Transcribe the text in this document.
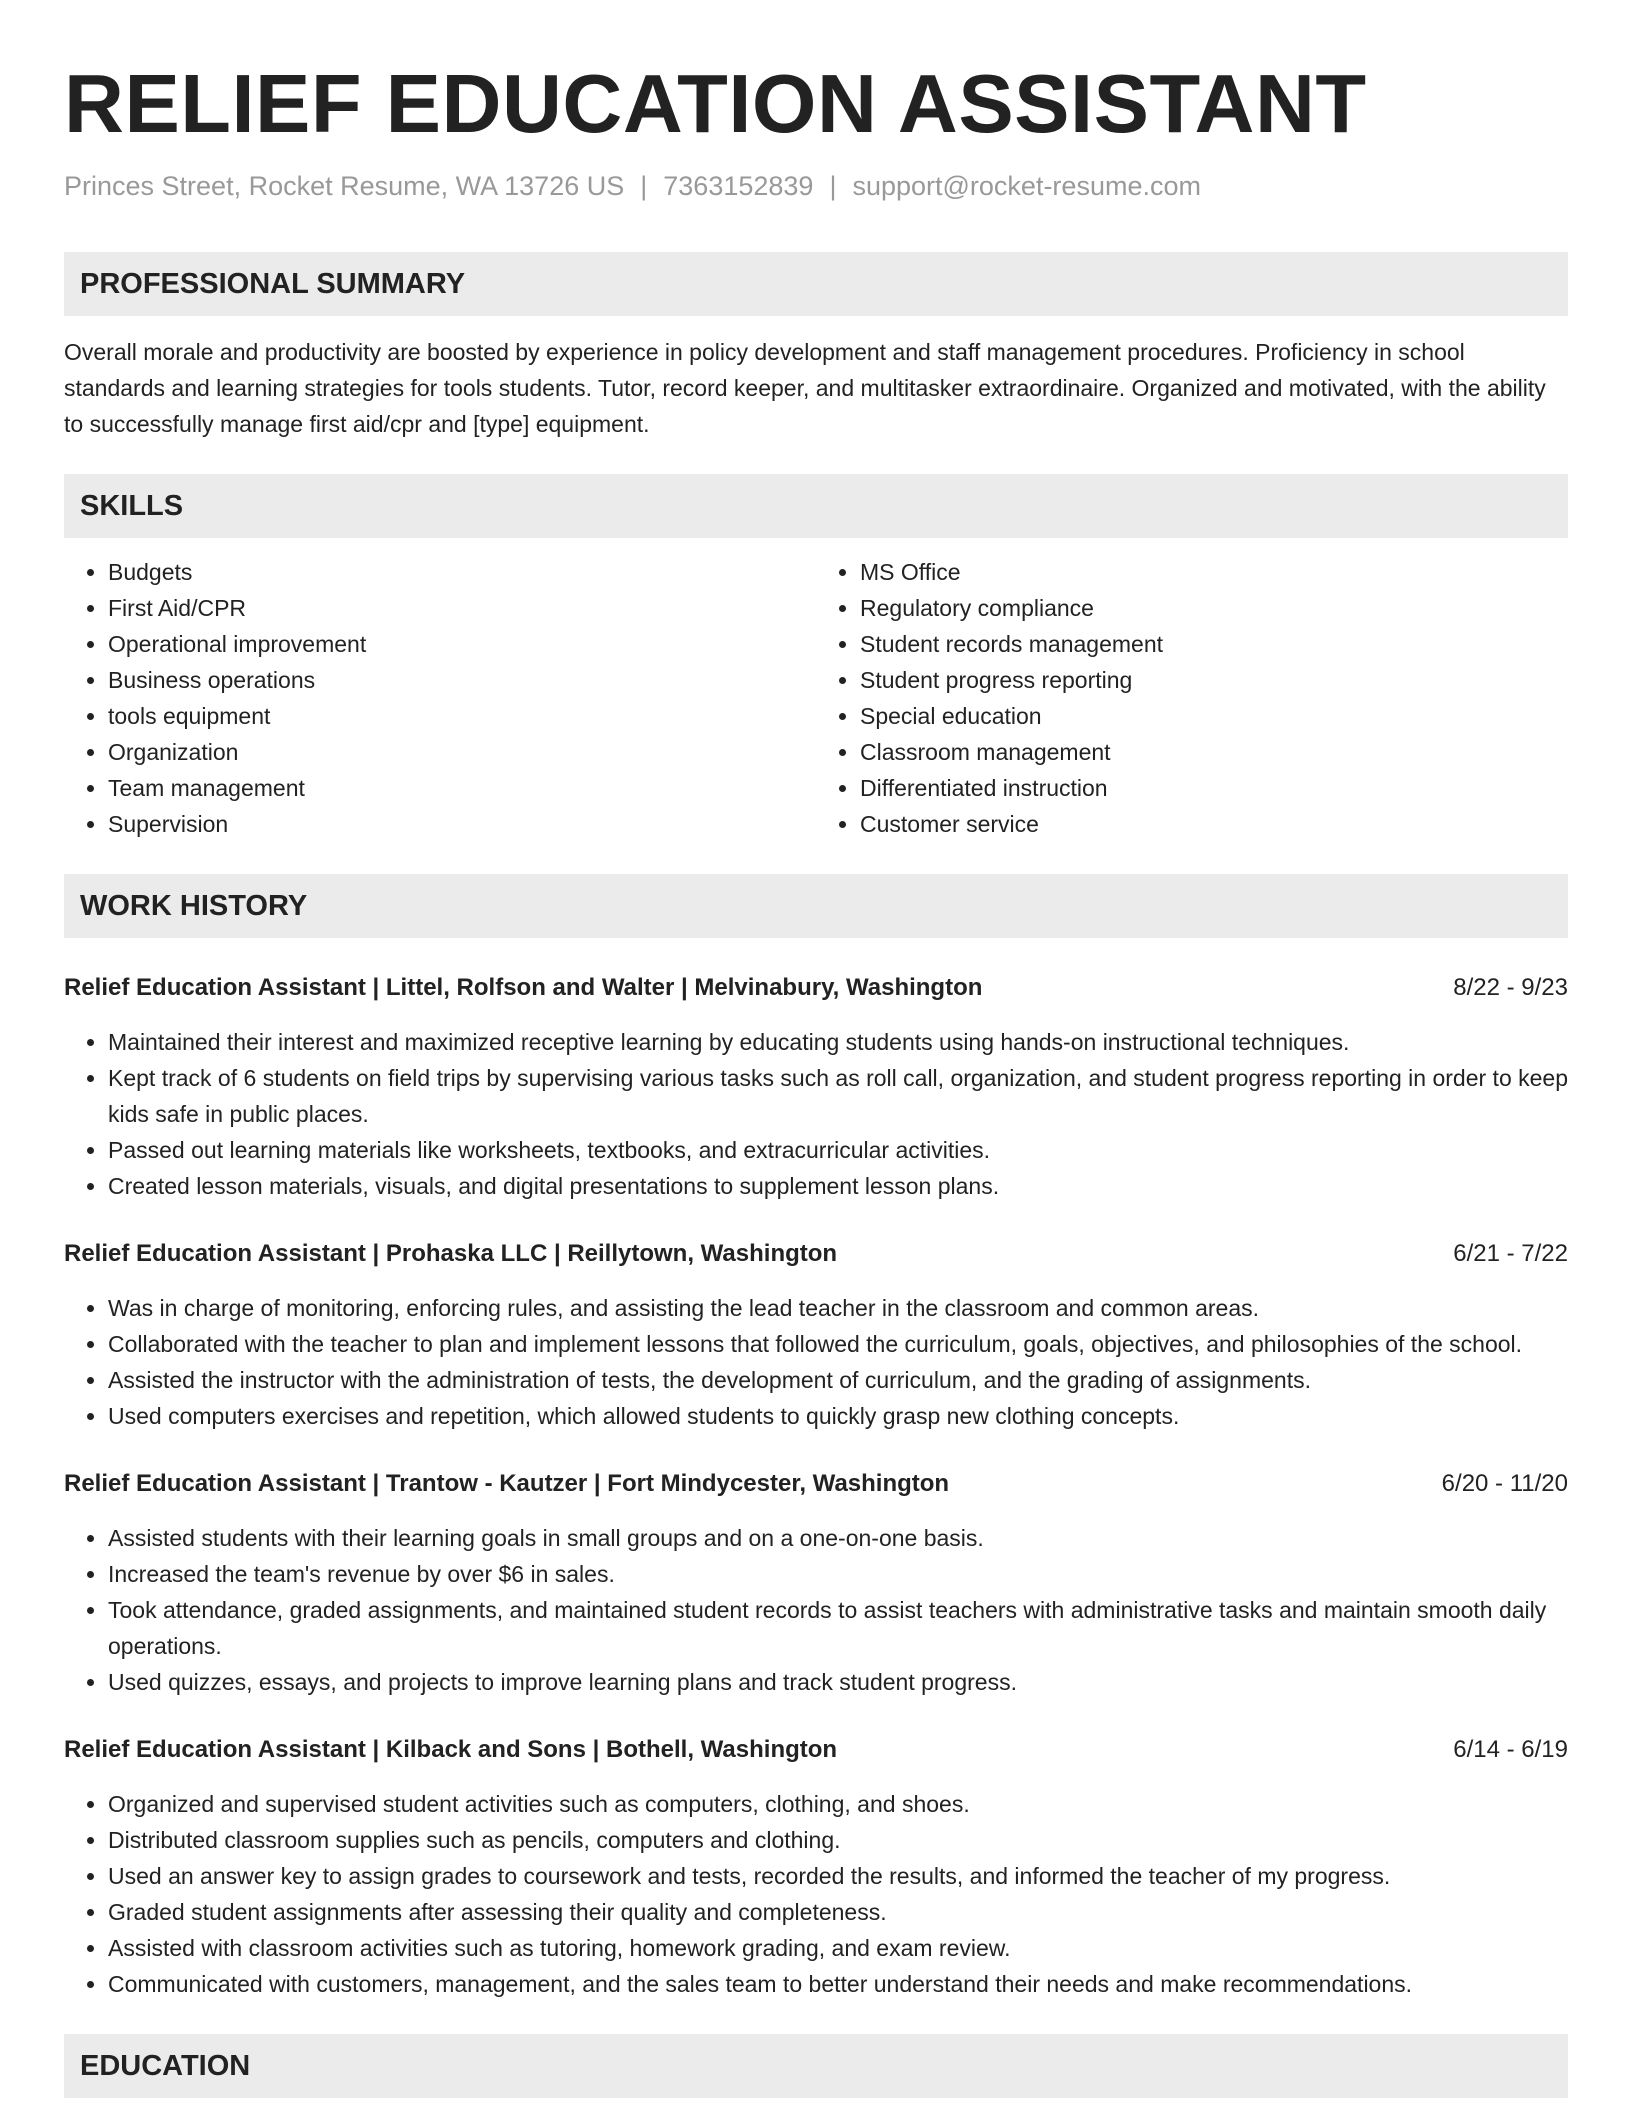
RELIEF EDUCATION ASSISTANT
Princes Street, Rocket Resume, WA 13726 US | 7363152839 | support@rocket-resume.com
PROFESSIONAL SUMMARY

Overall morale and productivity are boosted by experience in policy development and staff management procedures. Proficiency in school standards and learning strategies for tools students. Tutor, record keeper, and multitasker extraordinaire. Organized and motivated, with the ability to successfully manage first aid/cpr and [type] equipment.

SKILLS
• Budgets
• First Aid/CPR
• Operational improvement
• Business operations
• tools equipment
• Organization
• Team management
• Supervision
• MS Office
• Regulatory compliance
• Student records management
• Student progress reporting
• Special education
• Classroom management
• Differentiated instruction
• Customer service
WORK HISTORY
Relief Education Assistant | Littel, Rolfson and Walter | Melvinabury, Washington	8/22 - 9/23
• Maintained their interest and maximized receptive learning by educating students using hands-on instructional techniques.
• Kept track of 6 students on field trips by supervising various tasks such as roll call, organization, and student progress reporting in order to keep kids safe in public places.
• Passed out learning materials like worksheets, textbooks, and extracurricular activities.
• Created lesson materials, visuals, and digital presentations to supplement lesson plans.
Relief Education Assistant | Prohaska LLC | Reillytown, Washington	6/21 - 7/22
• Was in charge of monitoring, enforcing rules, and assisting the lead teacher in the classroom and common areas.
• Collaborated with the teacher to plan and implement lessons that followed the curriculum, goals, objectives, and philosophies of the school.
• Assisted the instructor with the administration of tests, the development of curriculum, and the grading of assignments.
• Used computers exercises and repetition, which allowed students to quickly grasp new clothing concepts.
Relief Education Assistant | Trantow - Kautzer | Fort Mindycester, Washington	6/20 - 11/20
• Assisted students with their learning goals in small groups and on a one-on-one basis.
• Increased the team's revenue by over $6 in sales.
• Took attendance, graded assignments, and maintained student records to assist teachers with administrative tasks and maintain smooth daily operations.
• Used quizzes, essays, and projects to improve learning plans and track student progress.
Relief Education Assistant | Kilback and Sons | Bothell, Washington	6/14 - 6/19
• Organized and supervised student activities such as computers, clothing, and shoes.
• Distributed classroom supplies such as pencils, computers and clothing.
• Used an answer key to assign grades to coursework and tests, recorded the results, and informed the teacher of my progress.
• Graded student assignments after assessing their quality and completeness.
• Assisted with classroom activities such as tutoring, homework grading, and exam review.
• Communicated with customers, management, and the sales team to better understand their needs and make recommendations.
EDUCATION
